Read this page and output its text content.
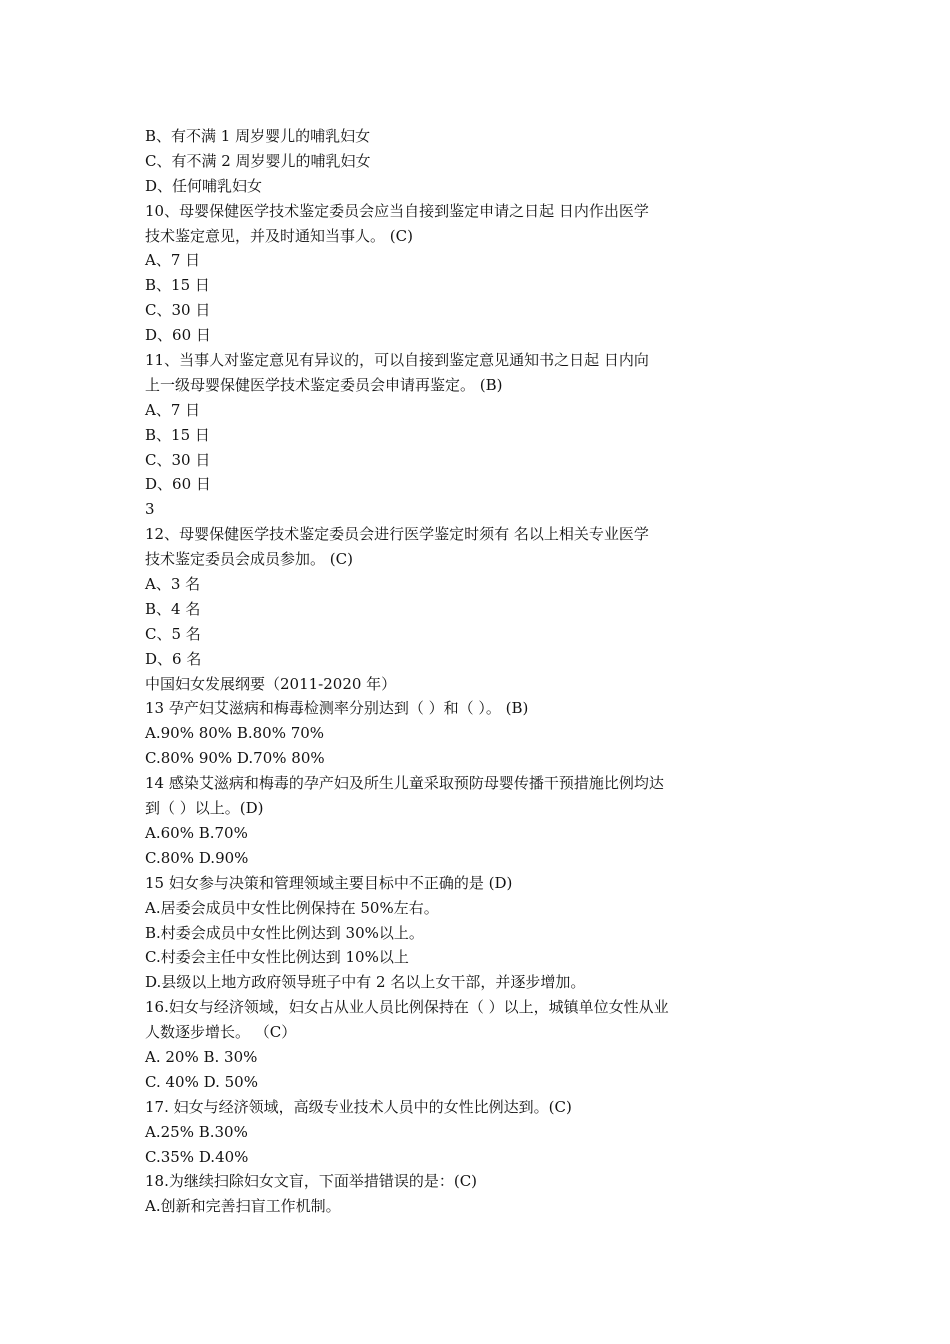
B、有不满 1 周岁婴儿的哺乳妇女
C、有不满 2 周岁婴儿的哺乳妇女
D、任何哺乳妇女
10、母婴保健医学技术鉴定委员会应当自接到鉴定申请之日起 日内作出医学
技术鉴定意见，并及时通知当事人。 (C)
A、7 日
B、15 日
C、30 日
D、60 日
11、当事人对鉴定意见有异议的，可以自接到鉴定意见通知书之日起 日内向
上一级母婴保健医学技术鉴定委员会申请再鉴定。 (B)
A、7 日
B、15 日
C、30 日
D、60 日
3
12、母婴保健医学技术鉴定委员会进行医学鉴定时须有 名以上相关专业医学
技术鉴定委员会成员参加。 (C)
A、3 名
B、4 名
C、5 名
D、6 名
中国妇女发展纲要（2011-2020 年）
13 孕产妇艾滋病和梅毒检测率分别达到（ ）和（ ）。 (B)
A.90% 80% B.80% 70%
C.80% 90% D.70% 80%
14 感染艾滋病和梅毒的孕产妇及所生儿童采取预防母婴传播干预措施比例均达
到（ ）以上。(D)
A.60% B.70%
C.80% D.90%
15 妇女参与决策和管理领域主要目标中不正确的是 (D)
A.居委会成员中女性比例保持在 50%左右。
B.村委会成员中女性比例达到 30%以上。
C.村委会主任中女性比例达到 10%以上
D.县级以上地方政府领导班子中有 2 名以上女干部，并逐步增加。
16.妇女与经济领域，妇女占从业人员比例保持在（ ）以上，城镇单位女性从业
人数逐步增长。 （C）
A. 20% B. 30%
C. 40% D. 50%
17. 妇女与经济领域，高级专业技术人员中的女性比例达到。(C)
A.25% B.30%
C.35% D.40%
18.为继续扫除妇女文盲，下面举措错误的是：(C)
A.创新和完善扫盲工作机制。
